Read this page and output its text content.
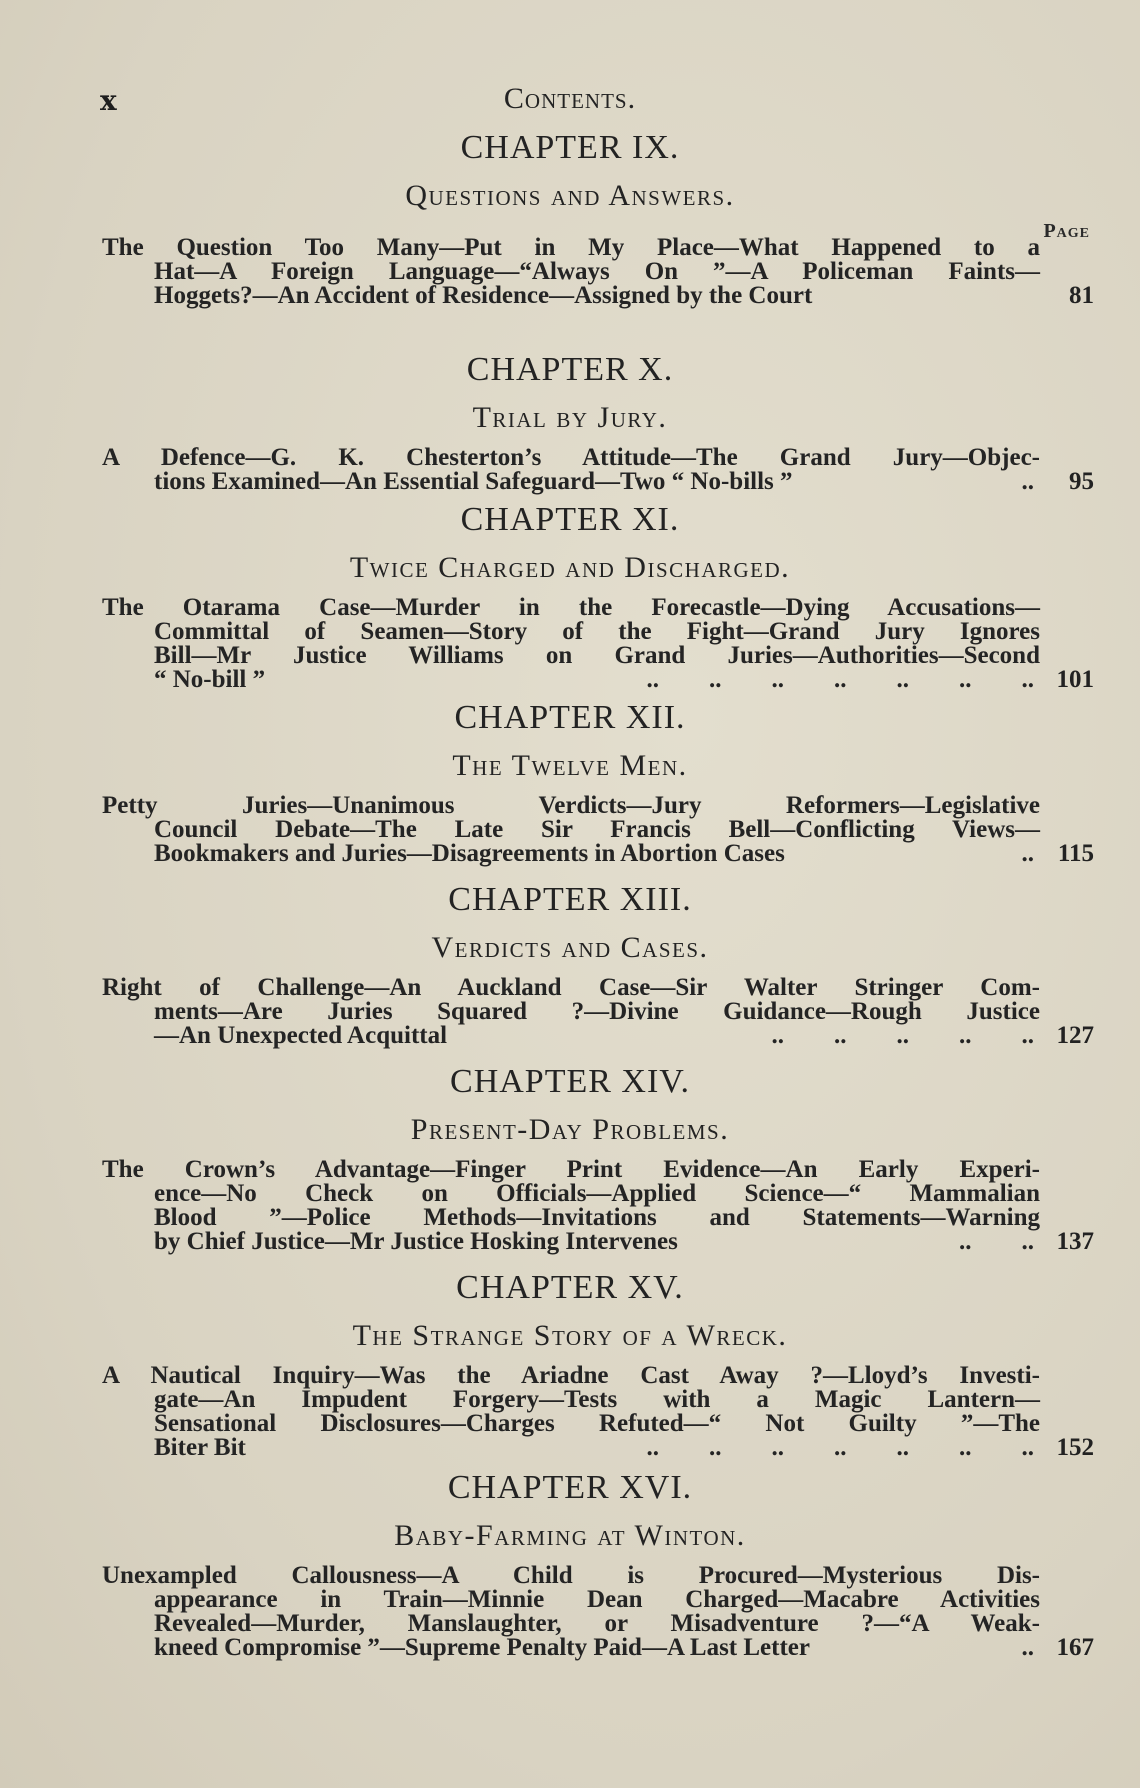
x	Contents.
Page
CHAPTER IX.
Questions and Answers.
The Question Too Many—Put in My Place—What Happened to a
Hat—A Foreign Language—“Always On ”—A Policeman Faints—
Hoggets?—An Accident of Residence—Assigned by the Court	81
CHAPTER X.
Trial by Jury.
A Defence—G. K. Chesterton’s Attitude—The Grand Jury—Objec-
tions Examined—An Essential Safeguard—Two “ No-bills ”	.. 95
CHAPTER XI.
Twice Charged and Discharged.
The Otarama Case—Murder in the Forecastle—Dying Accusations—
Committal of Seamen—Story of the Fight—Grand Jury Ignores
Bill—Mr Justice Williams on Grand Juries—Authorities—Second
“ No-bill ”	..        ..        ..        ..        ..        ..        .. 101
CHAPTER XII.
The Twelve Men.
Petty Juries—Unanimous Verdicts—Jury Reformers—Legislative
Council Debate—The Late Sir Francis Bell—Conflicting Views—
Bookmakers and Juries—Disagreements in Abortion Cases	.. 115
CHAPTER XIII.
Verdicts and Cases.
Right of Challenge—An Auckland Case—Sir Walter Stringer Com-
ments—Are Juries Squared ?—Divine Guidance—Rough Justice
—An Unexpected Acquittal	..        ..        ..        ..        .. 127
CHAPTER XIV.
Present-Day Problems.
The Crown’s Advantage—Finger Print Evidence—An Early Experi-
ence—No Check on Officials—Applied Science—“ Mammalian
Blood ”—Police Methods—Invitations and Statements—Warning
by Chief Justice—Mr Justice Hosking Intervenes	..        .. 137
CHAPTER XV.
The Strange Story of a Wreck.
A Nautical Inquiry—Was the Ariadne Cast Away ?—Lloyd’s Investi-
gate—An Impudent Forgery—Tests with a Magic Lantern—
Sensational Disclosures—Charges Refuted—“ Not Guilty ”—The
Biter Bit	..        ..        ..        ..        ..        ..        .. 152
CHAPTER XVI.
Baby-Farming at Winton.
Unexampled Callousness—A Child is Procured—Mysterious Dis-
appearance in Train—Minnie Dean Charged—Macabre Activities
Revealed—Murder, Manslaughter, or Misadventure ?—“A Weak-
kneed Compromise ”—Supreme Penalty Paid—A Last Letter	.. 167
